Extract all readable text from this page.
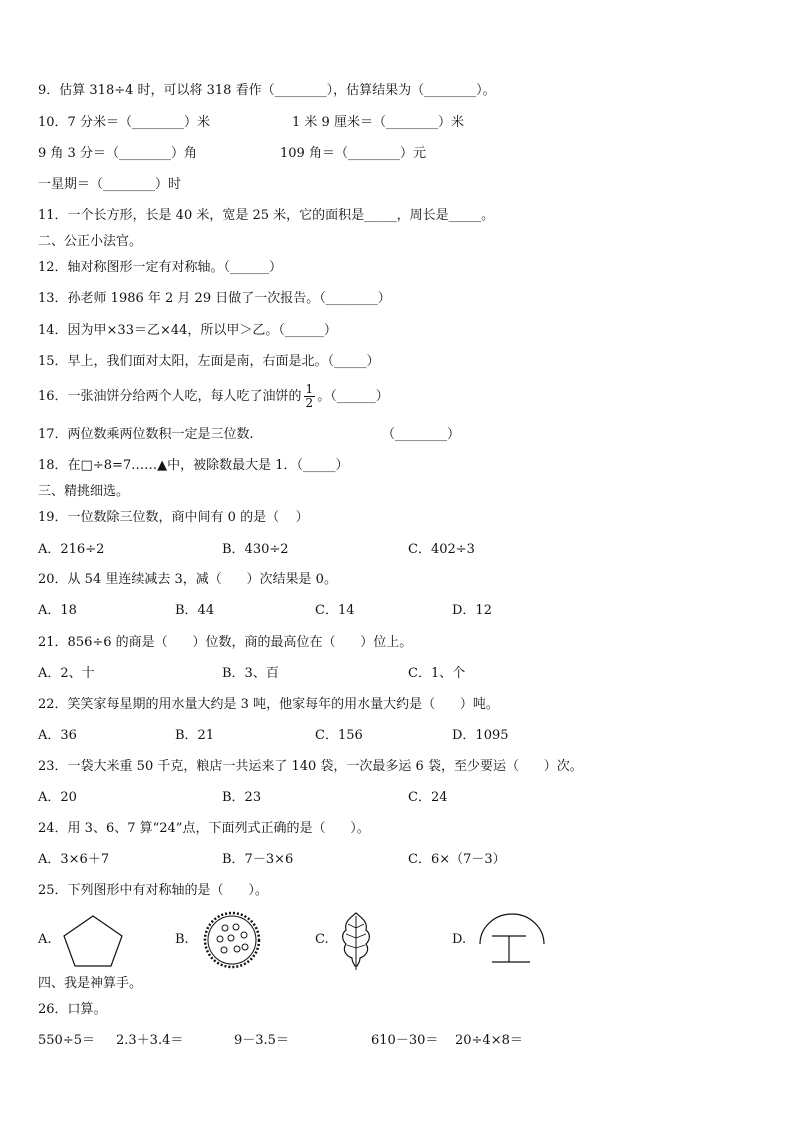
9．估算 318÷4 时，可以将 318 看作（________），估算结果为（________）。
10．7 分米＝（________）米	1 米 9 厘米＝（________）米
9 角 3 分＝（________）角	109 角＝（________）元
一星期＝（________）时
11．一个长方形，长是 40 米，宽是 25 米，它的面积是_____，周长是_____。
二、公正小法官。
12．轴对称图形一定有对称轴。（______）
13．孙老师 1986 年 2 月 29 日做了一次报告。（________）
14．因为甲×33＝乙×44，所以甲＞乙。（______）
15．早上，我们面对太阳，左面是南，右面是北。（_____）
16．一张油饼分给两个人吃，每人吃了油饼的 $\frac{1}{2}$ 。（______）
17．两位数乘两位数积一定是三位数.	（________）
18．在□÷8=7……▲中，被除数最大是 1．（_____）
三、精挑细选。
19．一位数除三位数，商中间有 0 的是（    ）
A．216÷2	B．430÷2	C．402÷3
20．从 54 里连续减去 3，减（      ）次结果是 0。
A．18	B．44	C．14	D．12
21．856÷6 的商是（      ）位数，商的最高位在（      ）位上。
A．2、十	B．3、百	C．1、个
22．笑笑家每星期的用水量大约是 3 吨，他家每年的用水量大约是（      ）吨。
A．36	B．21	C．156	D．1095
23．一袋大米重 50 千克，粮店一共运来了 140 袋，一次最多运 6 袋，至少要运（      ）次。
A．20	B．23	C．24
24．用 3、6、7 算“24”点，下面列式正确的是（      ）。
A．3×6＋7	B．7－3×6	C．6×（7－3）
25．下列图形中有对称轴的是（      ）。
A.	B.	C.	D.
四、我是神算手。
26．口算。
550÷5＝ 2.3＋3.4＝	9－3.5＝	610－30＝ 20÷4×8＝
